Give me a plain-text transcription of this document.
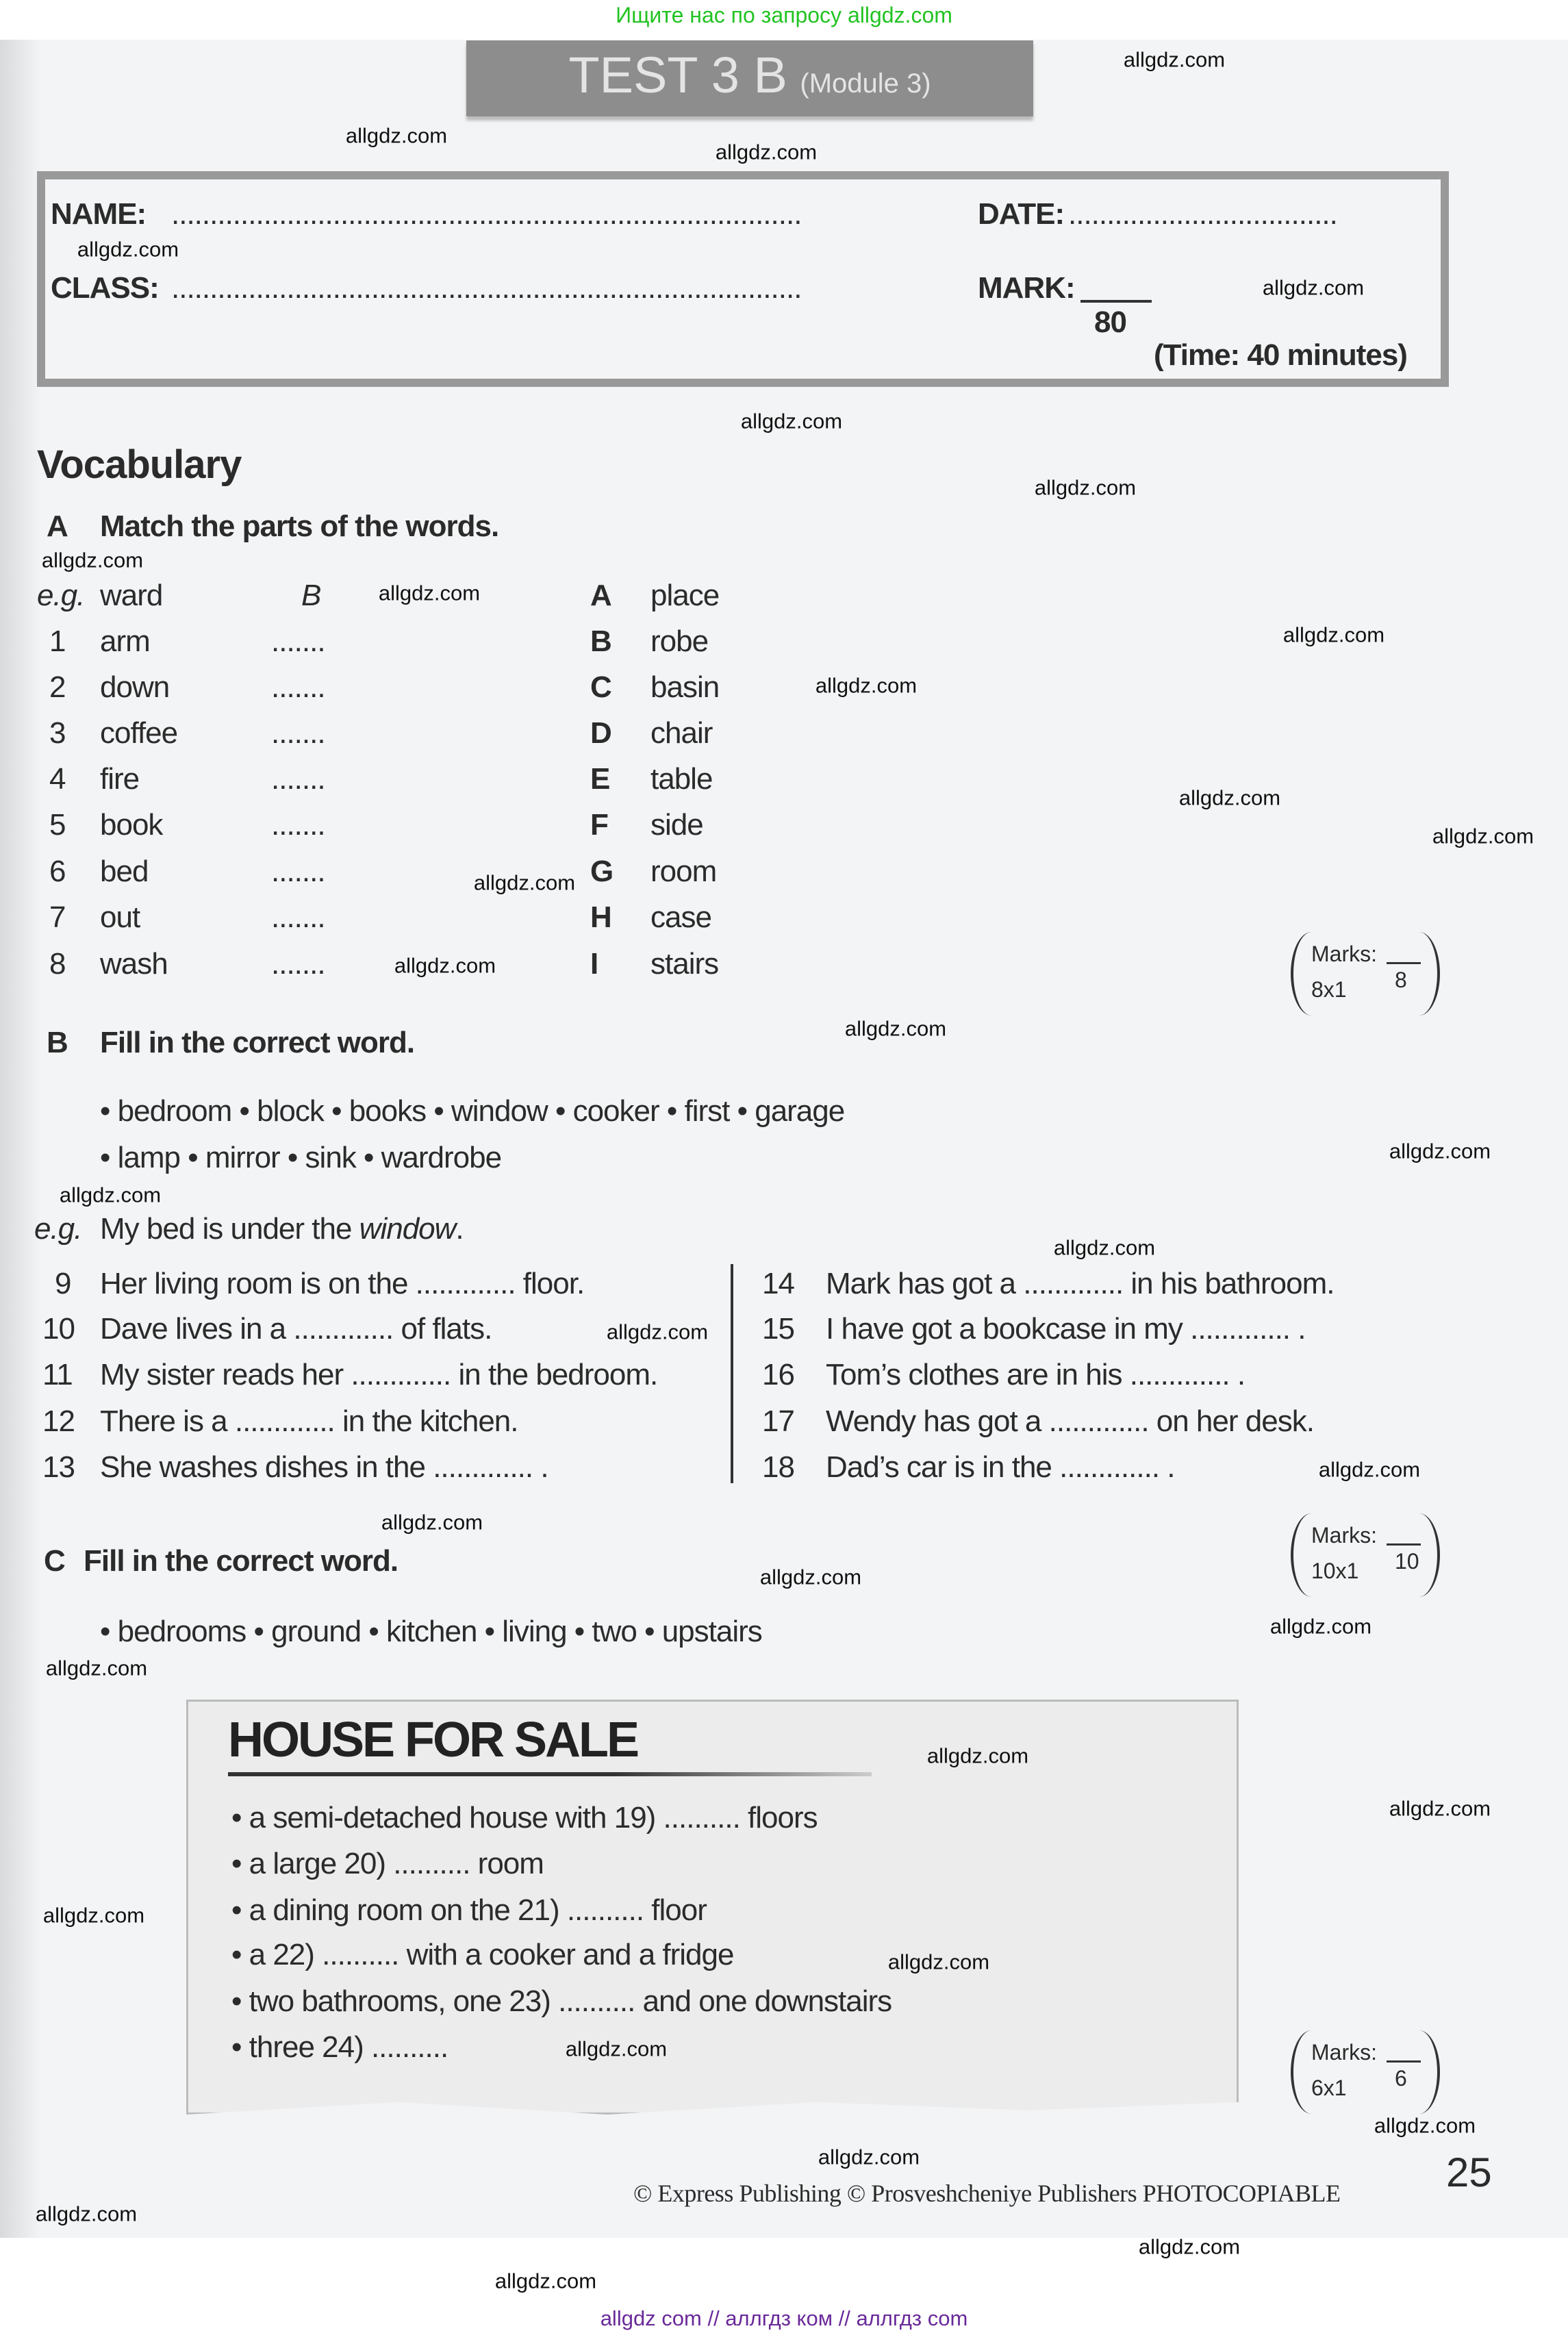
Ищите нас по запросу allgdz.com
TEST 3 B (Module 3)
NAME: ..................................................................................
CLASS: ..................................................................................
DATE: ...................................
MARK:
80
(Time: 40 minutes)
Vocabulary
A Match the parts of the words.
e.g. ward	B
1 arm	.......
2 down	.......
3 coffee	.......
4 fire	.......
5 book	.......
6 bed	.......
7 out	.......
8 wash	.......
A place
B robe
C basin
D chair
E table
F side
G room
H case
I stairs	Marks:
8x1 8
B Fill in the correct word.
• bedroom • block • books • window • cooker • first • garage
• lamp • mirror • sink • wardrobe
e.g. My bed is under the window.
9 Her living room is on the ............. floor.
10 Dave lives in a ............. of flats.
11 My sister reads her ............. in the bedroom.
12 There is a ............. in the kitchen.
13 She washes dishes in the ............. .
14 Mark has got a ............. in his bathroom.
15 I have got a bookcase in my ............. .
16 Tom’s clothes are in his ............. .
17 Wendy has got a ............. on her desk.
18 Dad’s car is in the ............. .
Marks:
10x1 10
C Fill in the correct word.
• bedrooms • ground • kitchen • living • two • upstairs
HOUSE FOR SALE
• a semi-detached house with 19) .......... floors
• a large 20) .......... room
• a dining room on the 21) .......... floor
• a 22) .......... with a cooker and a fridge
• two bathrooms, one 23) .......... and one downstairs
• three 24) ..........	Marks:
6x1 6
© Express Publishing © Prosveshcheniye Publishers PHOTOCOPIABLE	25
allgdz com // аллгдз ком // аллгдз com
allgdz.com
allgdz.com
allgdz.com
allgdz.com
allgdz.com
allgdz.com
allgdz.com
allgdz.com
allgdz.com
allgdz.com
allgdz.com
allgdz.com
allgdz.com
allgdz.com
allgdz.com
allgdz.com
allgdz.com
allgdz.com
allgdz.com
allgdz.com
allgdz.com
allgdz.com
allgdz.com
allgdz.com
allgdz.com
allgdz.com
allgdz.com
allgdz.com
allgdz.com
allgdz.com
allgdz.com
allgdz.com
allgdz.com
allgdz.com
allgdz.com
